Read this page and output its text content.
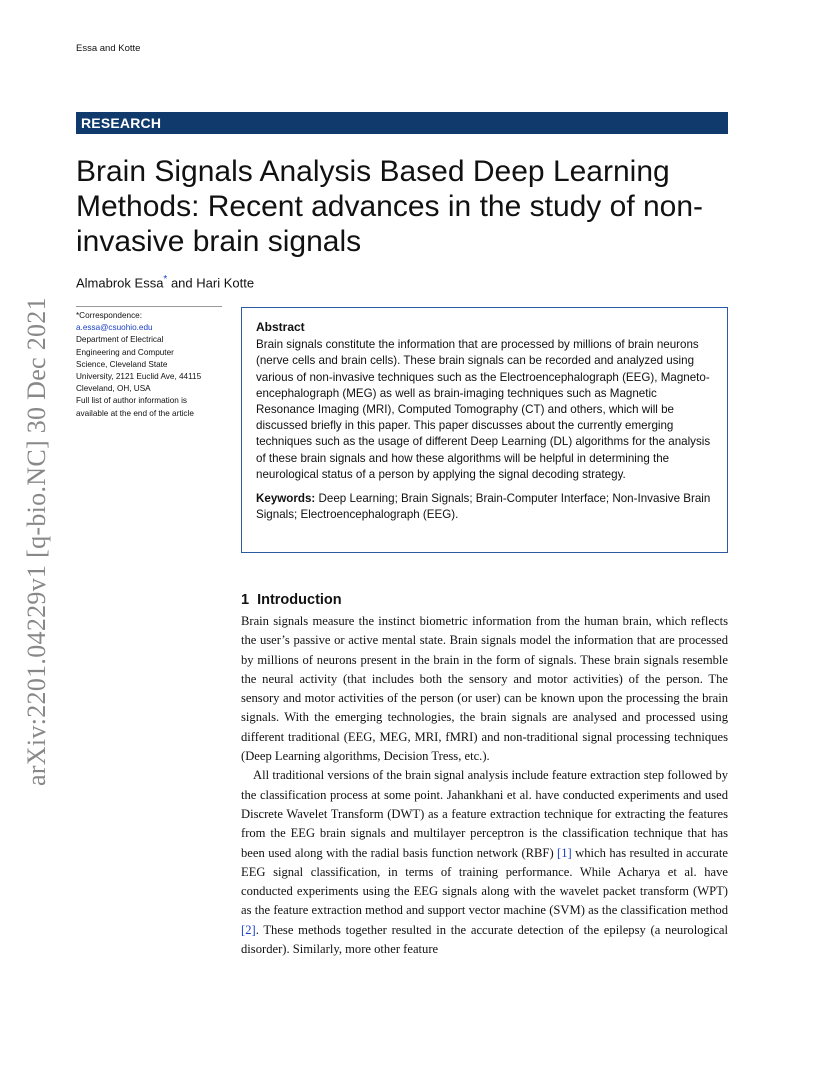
Essa and Kotte
RESEARCH
Brain Signals Analysis Based Deep Learning Methods: Recent advances in the study of non-invasive brain signals
Almabrok Essa* and Hari Kotte
arXiv:2201.04229v1 [q-bio.NC] 30 Dec 2021	*Correspondence:
a.essa@csuohio.edu
Department of Electrical
Engineering and Computer
Science, Cleveland State
University, 2121 Euclid Ave, 44115
Cleveland, OH, USA
Full list of author information is
available at the end of the article
Abstract

Brain signals constitute the information that are processed by millions of brain neurons (nerve cells and brain cells). These brain signals can be recorded and analyzed using various of non-invasive techniques such as the Electroencephalograph (EEG), Magneto-encephalograph (MEG) as well as brain-imaging techniques such as Magnetic Resonance Imaging (MRI), Computed Tomography (CT) and others, which will be discussed briefly in this paper. This paper discusses about the currently emerging techniques such as the usage of different Deep Learning (DL) algorithms for the analysis of these brain signals and how these algorithms will be helpful in determining the neurological status of a person by applying the signal decoding strategy.

Keywords: Deep Learning; Brain Signals; Brain-Computer Interface; Non-Invasive Brain Signals; Electroencephalograph (EEG).

1 Introduction

Brain signals measure the instinct biometric information from the human brain, which reflects the user’s passive or active mental state. Brain signals model the information that are processed by millions of neurons present in the brain in the form of signals. These brain signals resemble the neural activity (that includes both the sensory and motor activities) of the person. The sensory and motor activities of the person (or user) can be known upon the processing the brain signals. With the emerging technologies, the brain signals are analysed and processed using different traditional (EEG, MEG, MRI, fMRI) and non-traditional signal processing techniques (Deep Learning algorithms, Decision Tress, etc.).

All traditional versions of the brain signal analysis include feature extraction step followed by the classification process at some point. Jahankhani et al. have conducted experiments and used Discrete Wavelet Transform (DWT) as a feature extraction technique for extracting the features from the EEG brain signals and multilayer perceptron is the classification technique that has been used along with the radial basis function network (RBF) [1] which has resulted in accurate EEG signal classification, in terms of training performance. While Acharya et al. have conducted experiments using the EEG signals along with the wavelet packet transform (WPT) as the feature extraction method and support vector machine (SVM) as the classification method [2]. These methods together resulted in the accurate detection of the epilepsy (a neurological disorder). Similarly, more other feature
